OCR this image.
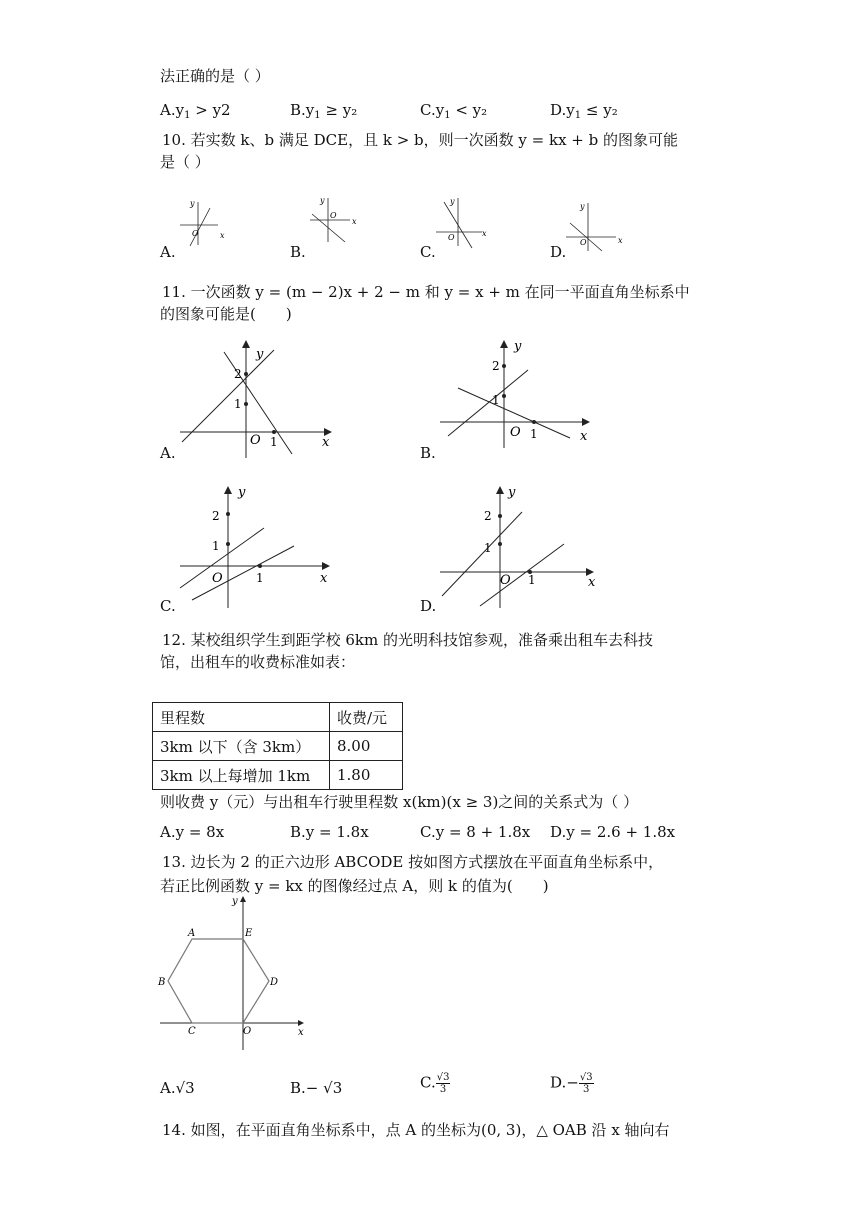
法正确的是（ ）
$A.y_1 > y2$	$B.y_1 \ge y_2$	$C.y_1 < y_2$	$D.y_1 \le y_2$
10. 若实数 k、b 满足 DCE，且 k > b，则一次函数 y = kx + b 的图象可能
是（ ）
y
x
O
A.
y
x
O
B.
y
x
O
C.
y
x
O
D.
11. 一次函数 y = (m − 2)x + 2 − m 和 y = x + m 在同一平面直角坐标系中
的图象可能是(　　)
y
x
O 1
2
1
A.
y
x
O 1
2
1
B.
y
x
O	1
2
1
C.
y
x
O 1
2
1
D.
12. 某校组织学生到距学校 6km 的光明科技馆参观，准备乘出租车去科技
馆，出租车的收费标准如表：
里程数	收费/元
3km 以下（含 3km）	8.00
3km 以上每增加 1km	1.80
则收费 y（元）与出租车行驶里程数 x(km)(x ≥ 3)之间的关系式为（ ）
A.y = 8x	B.y = 1.8x	C.y = 8 + 1.8x D.y = 2.6 + 1.8x
13. 边长为 2 的正六边形 ABCODE 按如图方式摆放在平面直角坐标系中，
若正比例函数 y = kx 的图像经过点 A，则 k 的值为(　　)
y
x
A	E
B	D
C	O
A.√3	B.− √3	C. $\frac{√3}{3}$	$D.- \frac{√3}{3}$
14. 如图，在平面直角坐标系中，点 A 的坐标为(0, 3)，△ OAB 沿 x 轴向右
